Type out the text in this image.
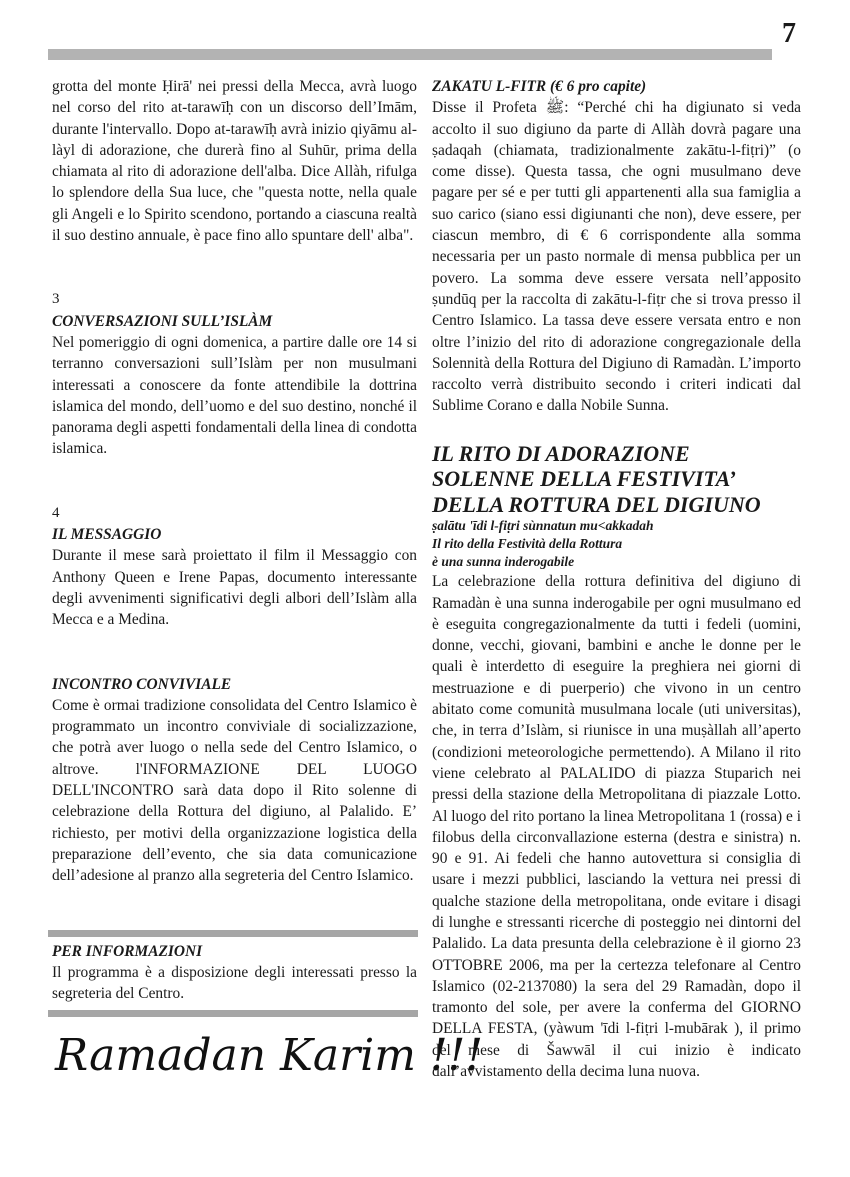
7

grotta del monte Ḥirā' nei pressi della Mecca, avrà luogo nel corso del rito at-tarawīḥ con un discorso dell’Imām, durante l'intervallo. Dopo at-tarawīḥ avrà inizio qiyāmu al-làyl di adorazione, che durerà fino al Suhūr, prima della chiamata al rito di adorazione dell'alba. Dice Allàh, rifulga lo splendore della Sua luce, che "questa notte, nella quale gli Angeli e lo Spirito scendono, portando a ciascuna realtà il suo destino annuale, è pace fino allo spuntare dell' alba".

3

CONVERSAZIONI SULL’ISLÀM

Nel pomeriggio di ogni domenica, a partire dalle ore 14 si terranno conversazioni sull’Islàm per non musulmani interessati a conoscere da fonte attendibile la dottrina islamica del mondo, dell’uomo e del suo destino, nonché il panorama degli aspetti fondamentali della linea di condotta islamica.

4

IL MESSAGGIO

Durante il mese sarà proiettato il film il Messaggio con Anthony Queen e Irene Papas, documento interessante degli avvenimenti significativi degli albori dell’Islàm alla Mecca e a Medina.

INCONTRO CONVIVIALE

Come è ormai tradizione consolidata del Centro Islamico è programmato un incontro conviviale di socializzazione, che potrà aver luogo o nella sede del Centro Islamico, o altrove. l'INFORMAZIONE DEL LUOGO DELL'INCONTRO sarà data dopo il Rito solenne di celebrazione della Rottura del digiuno, al Palalido. E’ richiesto, per motivi della organizzazione logistica della preparazione dell’evento, che sia data comunicazione dell’adesione al pranzo alla segreteria del Centro Islamico.

PER INFORMAZIONI

Il programma è a disposizione degli interessati presso la segreteria del Centro.

Ramadan Karim !!!

ZAKATU L-FITR (€ 6 pro capite)

Disse il Profeta ﷺ: “Perché chi ha digiunato si veda accolto il suo digiuno da parte di Allàh dovrà pagare una ṣadaqah (chiamata, tradizionalmente zakātu-l-fiṭri)” (o come disse). Questa tassa, che ogni musulmano deve pagare per sé e per tutti gli appartenenti alla sua famiglia a suo carico (siano essi digiunanti che non), deve essere, per ciascun membro, di € 6 corrispondente alla somma necessaria per un pasto normale di mensa pubblica per un povero. La somma deve essere versata nell’apposito ṣundūq per la raccolta di zakātu-l-fiṭr che si trova presso il Centro Islamico. La tassa deve essere versata entro e non oltre l’inizio del rito di adorazione congregazionale della Solennità della Rottura del Digiuno di Ramadàn. L’importo raccolto verrà distribuito secondo i criteri indicati dal Sublime Corano e dalla Nobile Sunna.

IL RITO DI ADORAZIONE

SOLENNE DELLA FESTIVITA’

DELLA ROTTURA DEL DIGIUNO

ṣalātu 'īdi l-fiṭri sùnnatun mu<akkadah

Il rito della Festività della Rottura

è una sunna inderogabile

La celebrazione della rottura definitiva del digiuno di Ramadàn è una sunna inderogabile per ogni musulmano ed è eseguita congregazionalmente da tutti i fedeli (uomini, donne, vecchi, giovani, bambini e anche le donne per le quali è interdetto di eseguire la preghiera nei giorni di mestruazione e di puerperio) che vivono in un centro abitato come comunità musulmana locale (uti universitas), che, in terra d’Islàm, si riunisce in una muṣàllah all’aperto (condizioni meteorologiche permettendo). A Milano il rito viene celebrato al PALALIDO di piazza Stuparich nei pressi della stazione della Metropolitana di piazzale Lotto. Al luogo del rito portano la linea Metropolitana 1 (rossa) e i filobus della circonvallazione esterna (destra e sinistra) n. 90 e 91. Ai fedeli che hanno autovettura si consiglia di usare i mezzi pubblici, lasciando la vettura nei pressi di qualche stazione della metropolitana, onde evitare i disagi di lunghe e stressanti ricerche di posteggio nei dintorni del Palalido. La data presunta della celebrazione è il giorno 23 OTTOBRE 2006, ma per la certezza telefonare al Centro Islamico (02-2137080) la sera del 29 Ramadàn, dopo il tramonto del sole, per avere la conferma del GIORNO DELLA FESTA, (yàwum 'īdi l-fiṭri l-mubārak ), il primo del mese di Šawwāl il cui inizio è indicato dall’avvistamento della decima luna nuova.
